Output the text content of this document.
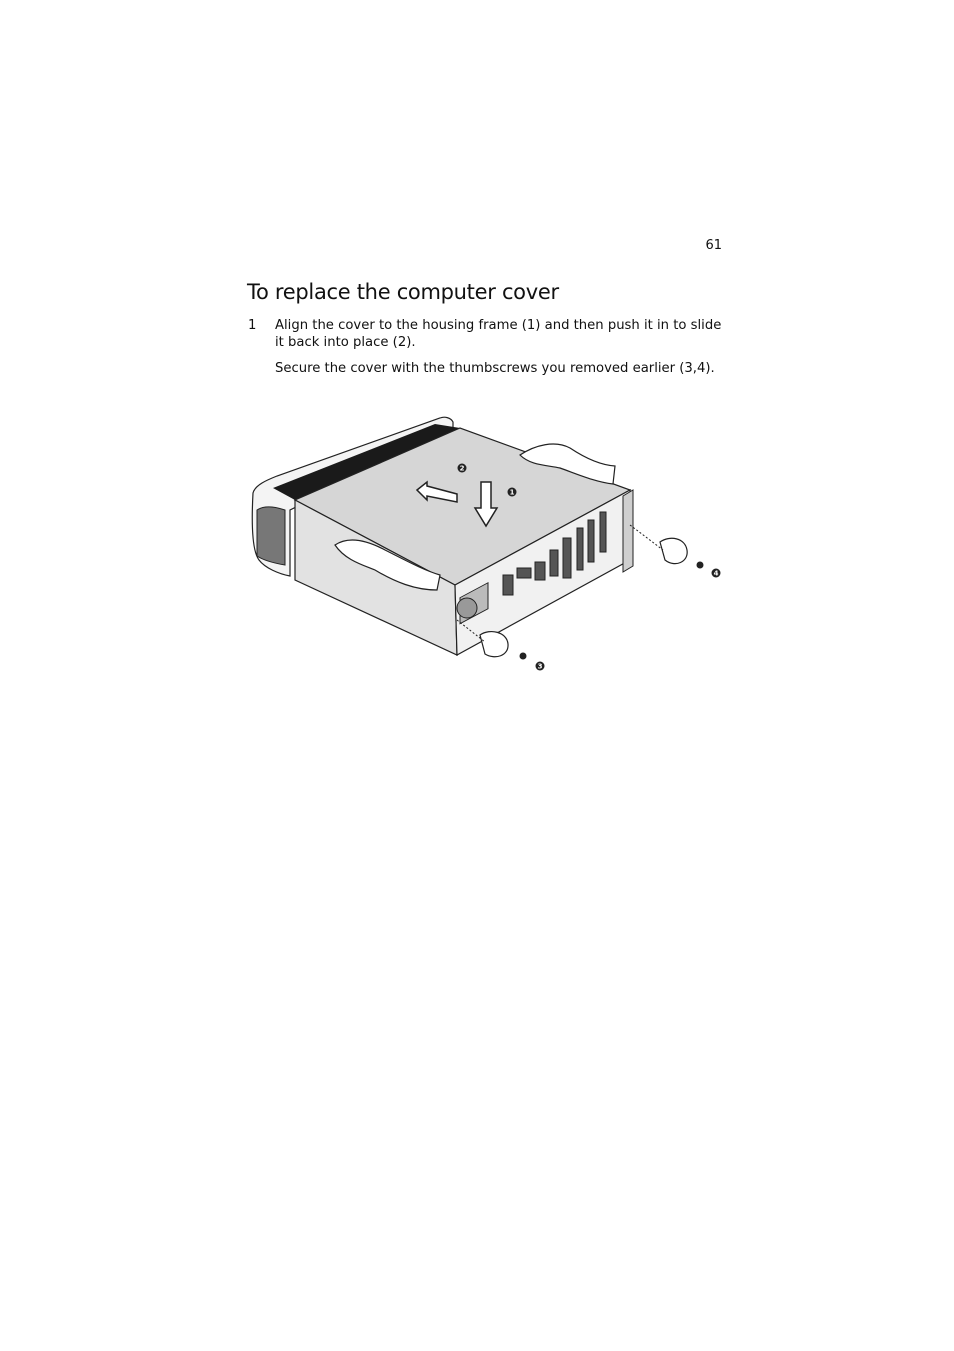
61
To replace the computer cover
1 Align the cover to the housing frame (1) and then push it in to slide it back into place (2).
Secure the cover with the thumbscrews you removed earlier (3,4).
1
2
3
4
